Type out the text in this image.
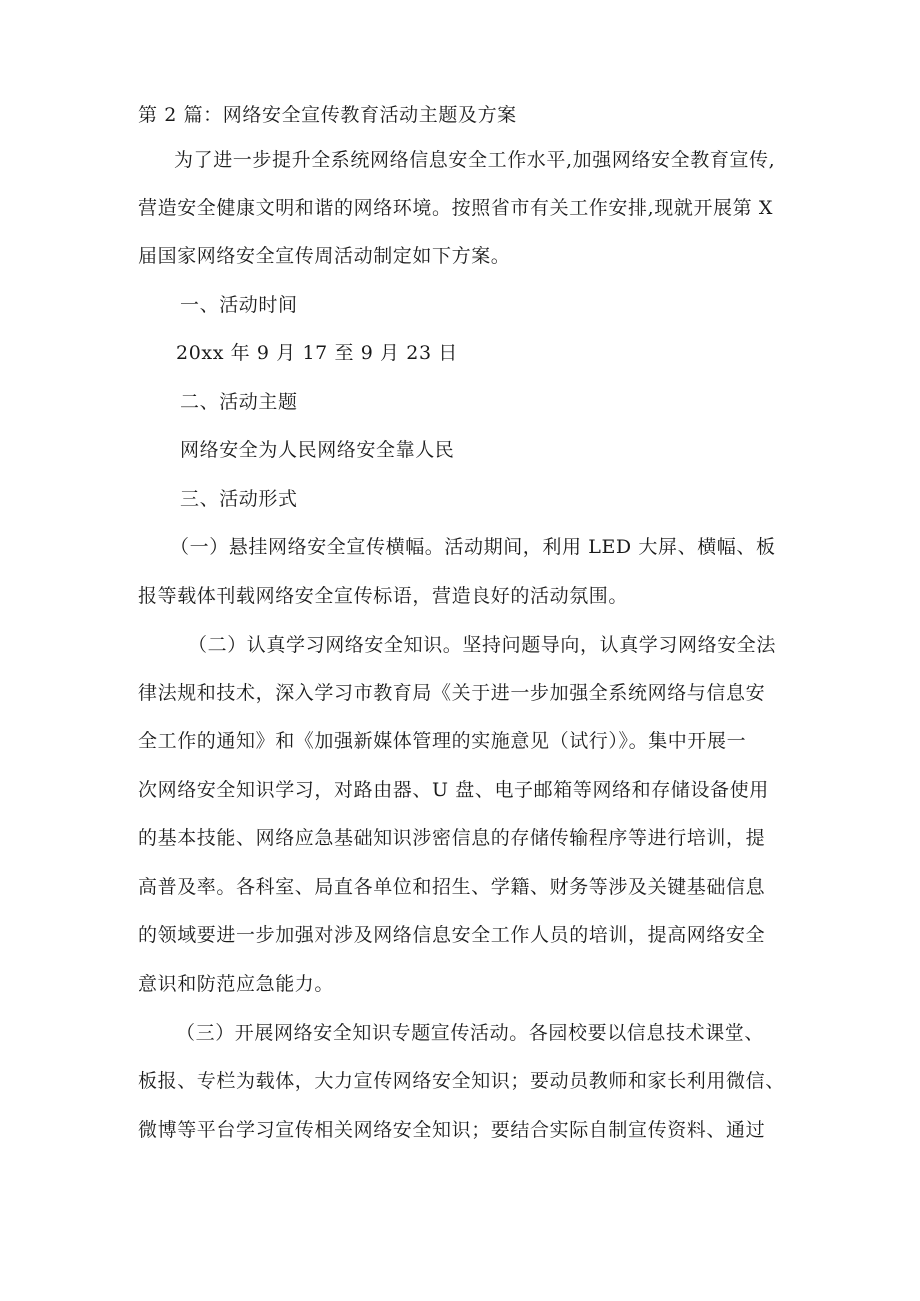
第 2 篇：网络安全宣传教育活动主题及方案
为了进一步提升全系统网络信息安全工作水平,加强网络安全教育宣传,
营造安全健康文明和谐的网络环境。按照省市有关工作安排,现就开展第 X
届国家网络安全宣传周活动制定如下方案。
一、活动时间
20xx 年 9 月 17 至 9 月 23 日
二、活动主题
网络安全为人民网络安全靠人民
三、活动形式
（一）悬挂网络安全宣传横幅。活动期间，利用 LED 大屏、横幅、板
报等载体刊载网络安全宣传标语，营造良好的活动氛围。
（二）认真学习网络安全知识。坚持问题导向，认真学习网络安全法
律法规和技术，深入学习市教育局《关于进一步加强全系统网络与信息安
全工作的通知》和《加强新媒体管理的实施意见（试行）》。集中开展一
次网络安全知识学习，对路由器、U 盘、电子邮箱等网络和存储设备使用
的基本技能、网络应急基础知识涉密信息的存储传输程序等进行培训，提
高普及率。各科室、局直各单位和招生、学籍、财务等涉及关键基础信息
的领域要进一步加强对涉及网络信息安全工作人员的培训，提高网络安全
意识和防范应急能力。
（三）开展网络安全知识专题宣传活动。各园校要以信息技术课堂、
板报、专栏为载体，大力宣传网络安全知识；要动员教师和家长利用微信、
微博等平台学习宣传相关网络安全知识；要结合实际自制宣传资料、通过
